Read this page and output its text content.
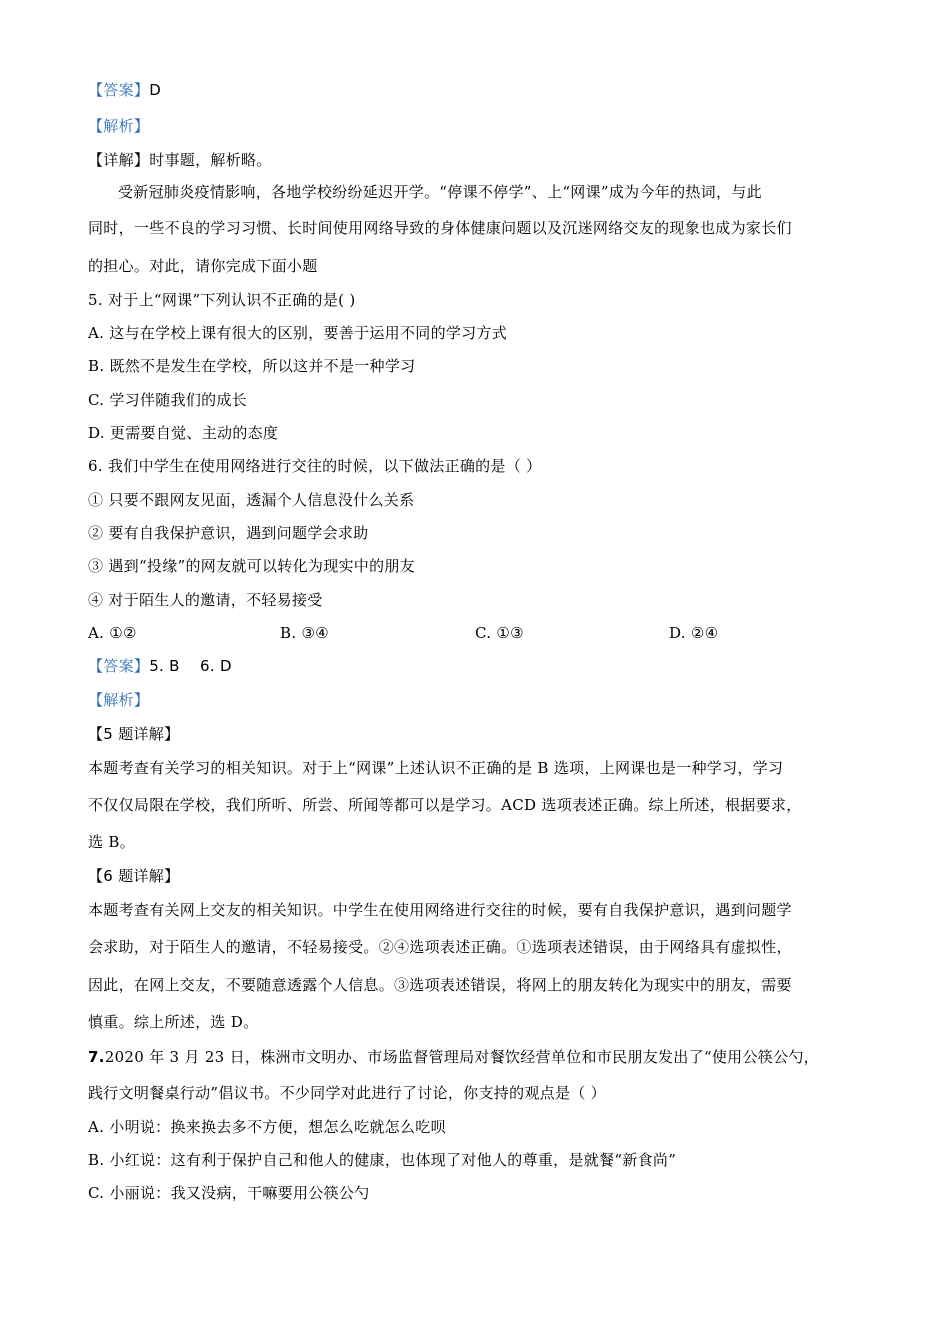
【答案】D
【解析】
【详解】时事题，解析略。
受新冠肺炎疫情影响，各地学校纷纷延迟开学。“停课不停学”、上“网课”成为今年的热词，与此
同时，一些不良的学习习惯、长时间使用网络导致的身体健康问题以及沉迷网络交友的现象也成为家长们
的担心。对此，请你完成下面小题
5. 对于上“网课”下列认识不正确的是( )
A. 这与在学校上课有很大的区别，要善于运用不同的学习方式
B. 既然不是发生在学校，所以这并不是一种学习
C. 学习伴随我们的成长
D. 更需要自觉、主动的态度
6. 我们中学生在使用网络进行交往的时候，以下做法正确的是（ ）
① 只要不跟网友见面，透漏个人信息没什么关系
② 要有自我保护意识，遇到问题学会求助
③ 遇到“投缘”的网友就可以转化为现实中的朋友
④ 对于陌生人的邀请，不轻易接受
A. ①②	B. ③④	C. ①③	D. ②④
【答案】5. B    6. D
【解析】
【5 题详解】
本题考查有关学习的相关知识。对于上“网课”上述认识不正确的是 B 选项，上网课也是一种学习，学习
不仅仅局限在学校，我们所听、所尝、所闻等都可以是学习。ACD 选项表述正确。综上所述，根据要求，
选 B。
【6 题详解】
本题考查有关网上交友的相关知识。中学生在使用网络进行交往的时候，要有自我保护意识，遇到问题学
会求助，对于陌生人的邀请，不轻易接受。②④选项表述正确。①选项表述错误，由于网络具有虚拟性，
因此，在网上交友，不要随意透露个人信息。③选项表述错误，将网上的朋友转化为现实中的朋友，需要
慎重。综上所述，选 D。
7.2020 年 3 月 23 日，株洲市文明办、市场监督管理局对餐饮经营单位和市民朋友发出了“使用公筷公勺，
践行文明餐桌行动”倡议书。不少同学对此进行了讨论，你支持的观点是（ ）
A. 小明说：换来换去多不方便，想怎么吃就怎么吃呗
B. 小红说：这有利于保护自己和他人的健康，也体现了对他人的尊重，是就餐“新食尚”
C. 小丽说：我又没病，干嘛要用公筷公勺
